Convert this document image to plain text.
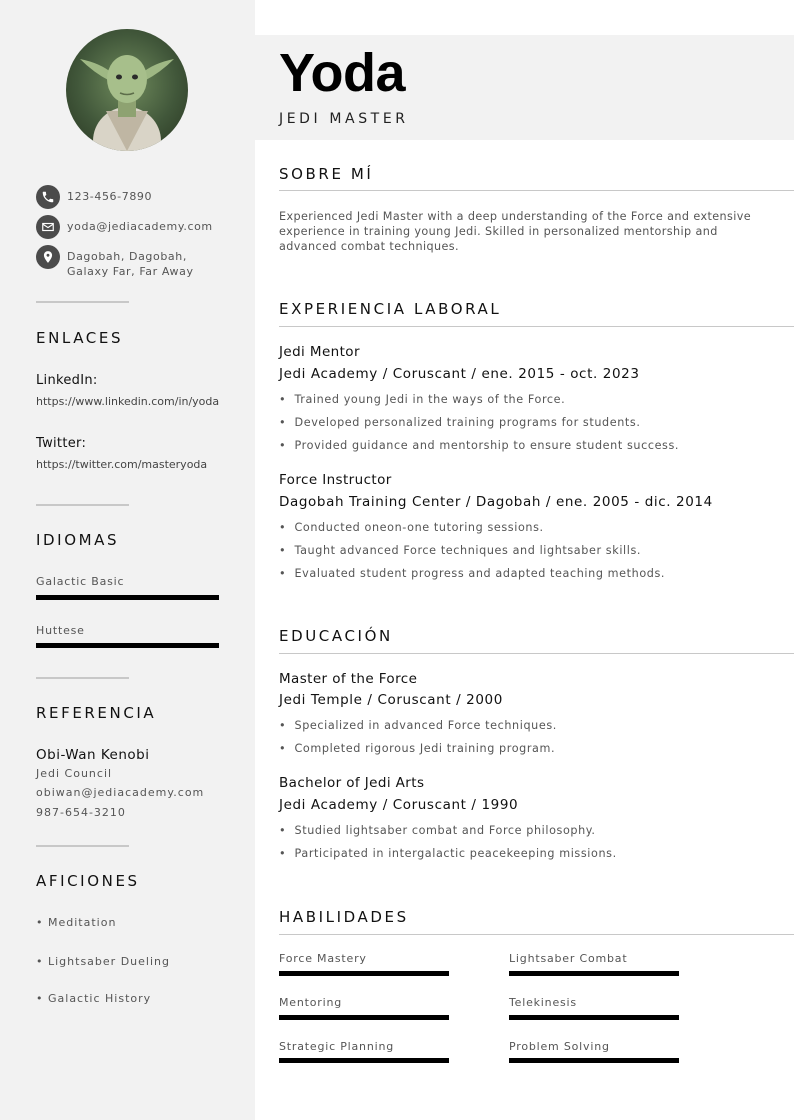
123-456-7890
yoda@jediacademy.com
Dagobah, Dagobah, Galaxy Far, Far Away
ENLACES
LinkedIn:
https://www.linkedin.com/in/yoda
Twitter:
https://twitter.com/masteryoda
IDIOMAS
Galactic Basic
Huttese
REFERENCIA
Obi-Wan Kenobi
Jedi Council
obiwan@jediacademy.com
987-654-3210
AFICIONES
• Meditation
• Lightsaber Dueling
• Galactic History
Yoda
JEDI MASTER
SOBRE MÍ
Experienced Jedi Master with a deep understanding of the Force and extensive experience in training young Jedi. Skilled in personalized mentorship and advanced combat techniques.
EXPERIENCIA LABORAL
Jedi Mentor
Jedi Academy / Coruscant / ene. 2015 - oct. 2023
•  Trained young Jedi in the ways of the Force.
•  Developed personalized training programs for students.
•  Provided guidance and mentorship to ensure student success.
Force Instructor
Dagobah Training Center / Dagobah / ene. 2005 - dic. 2014
•  Conducted oneon-one tutoring sessions.
•  Taught advanced Force techniques and lightsaber skills.
•  Evaluated student progress and adapted teaching methods.
EDUCACIÓN
Master of the Force
Jedi Temple / Coruscant / 2000
•  Specialized in advanced Force techniques.
•  Completed rigorous Jedi training program.
Bachelor of Jedi Arts
Jedi Academy / Coruscant / 1990
•  Studied lightsaber combat and Force philosophy.
•  Participated in intergalactic peacekeeping missions.
HABILIDADES
Force Mastery	Lightsaber Combat
Mentoring	Telekinesis
Strategic Planning	Problem Solving
